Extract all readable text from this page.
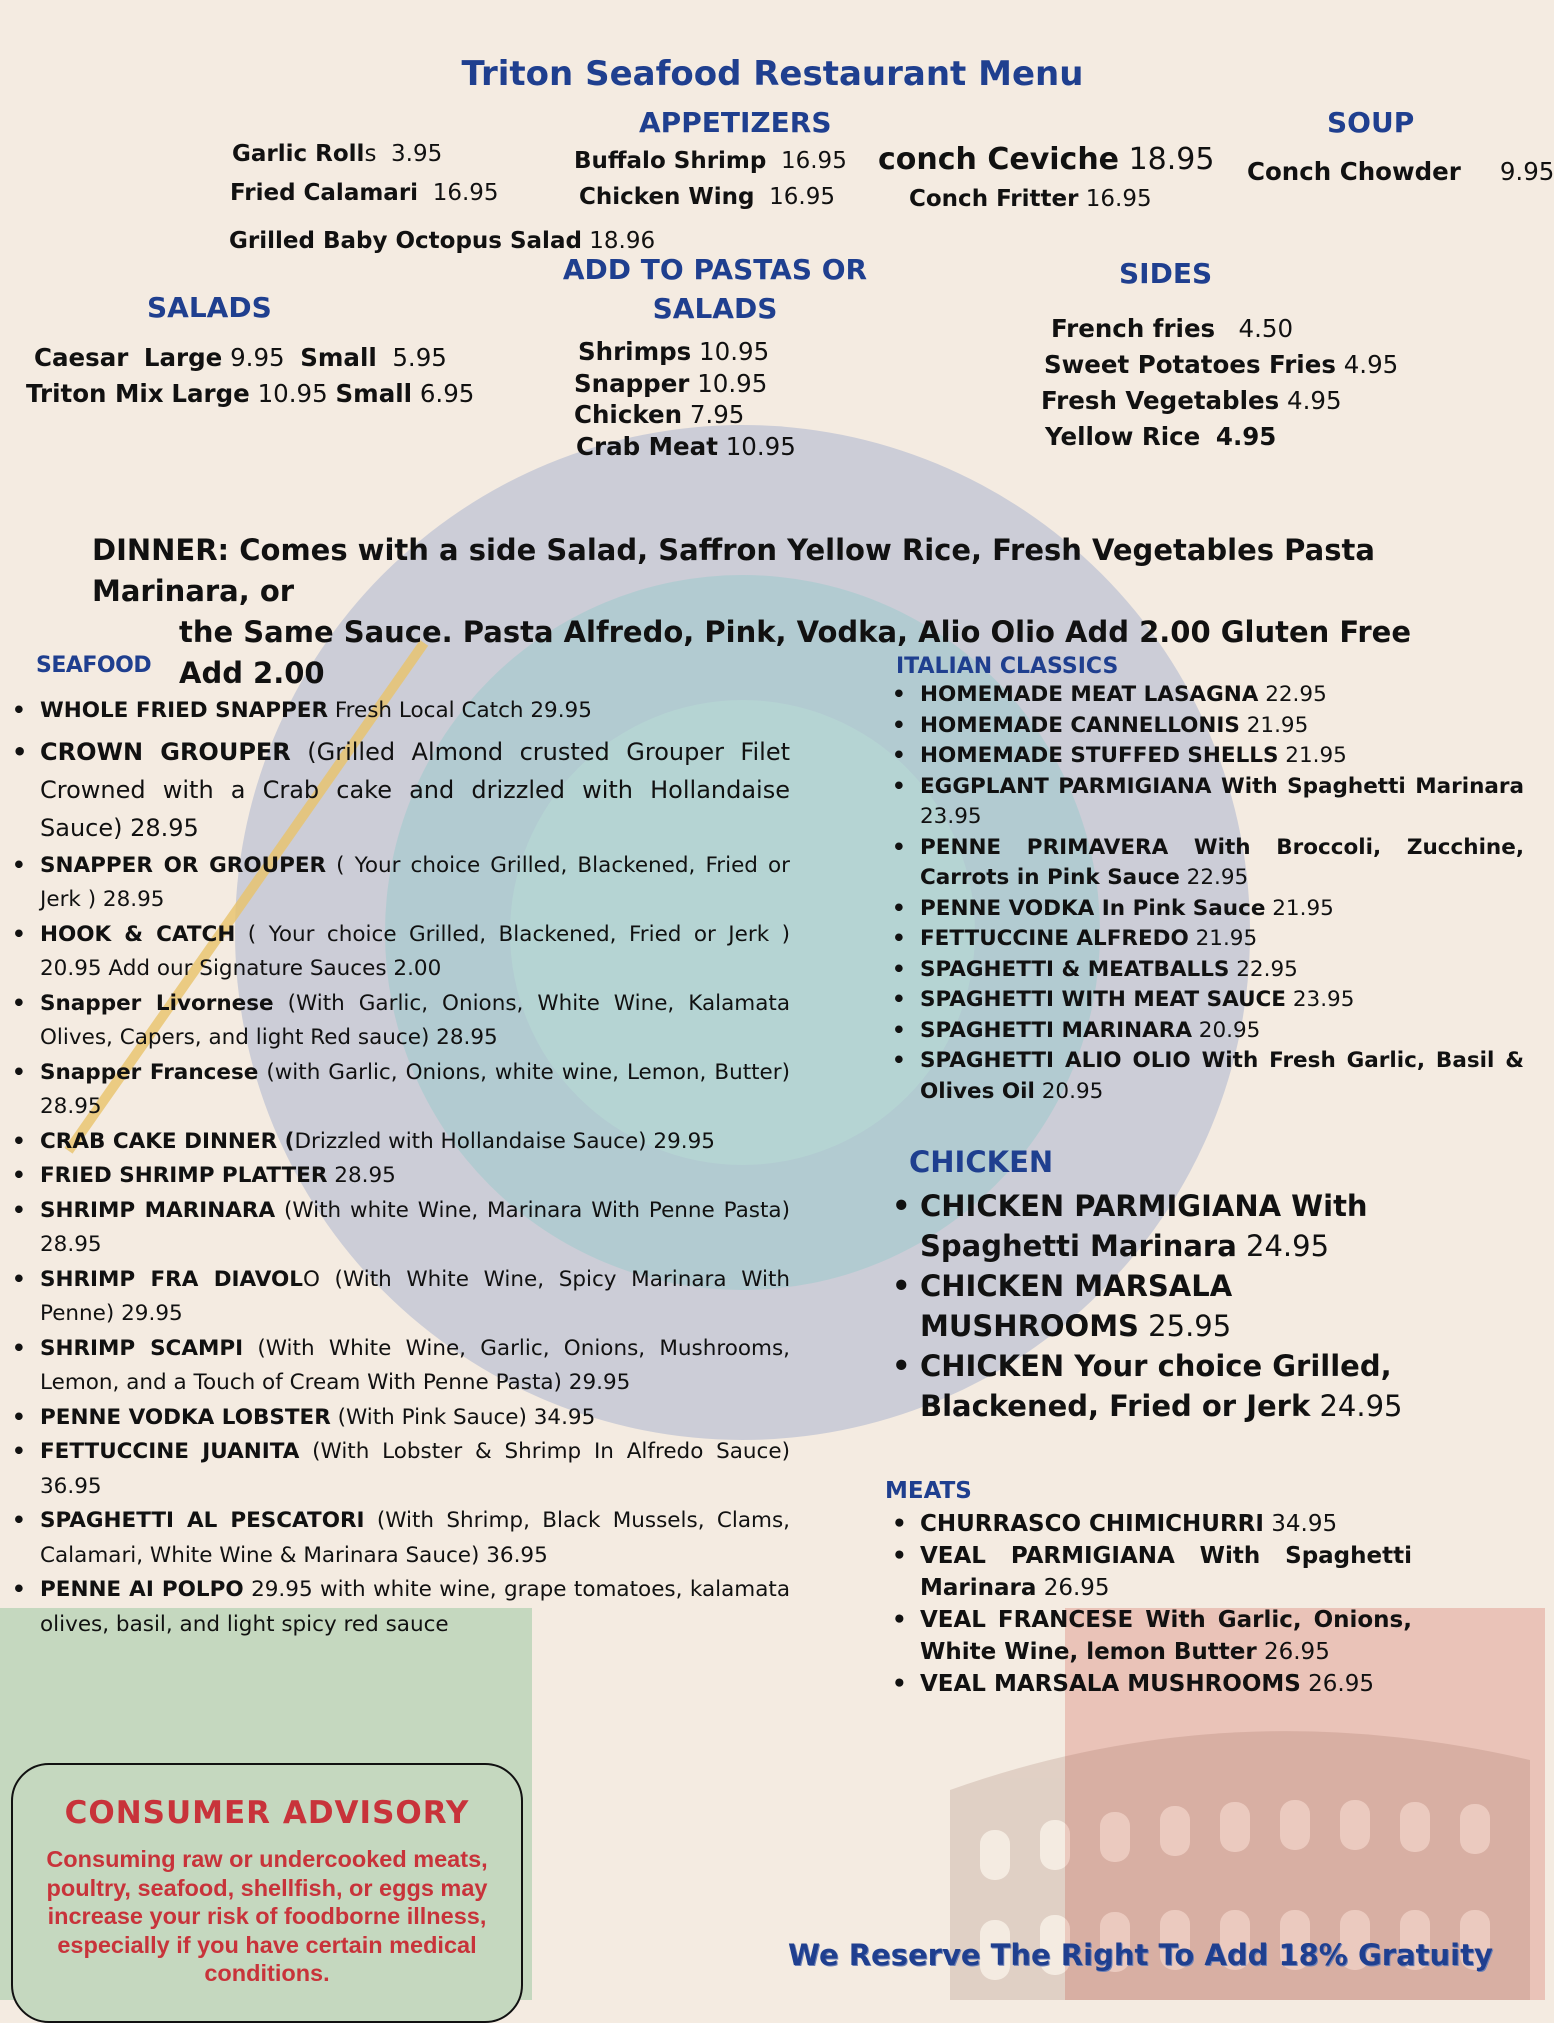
Triton Seafood Restaurant Menu
APPETIZERS
Garlic Rolls 3.95
Fried Calamari 16.95
Grilled Baby Octopus Salad 18.96
Buffalo Shrimp 16.95
Chicken Wing 16.95
conch Ceviche 18.95
Conch Fritter 16.95
SOUP
Conch Chowder 9.95
ADD TO PASTAS OR
SALADS
Shrimps 10.95
Snapper 10.95
Chicken 7.95
Crab Meat 10.95
SALADS
Caesar Large 9.95 Small 5.95
Triton Mix Large 10.95 Small 6.95
SIDES
French fries 4.50
Sweet Potatoes Fries 4.95
Fresh Vegetables 4.95
Yellow Rice 4.95
DINNER: Comes with a side Salad, Saffron Yellow Rice, Fresh Vegetables Pasta Marinara, or
the Same Sauce. Pasta Alfredo, Pink, Vodka, Alio Olio Add 2.00 Gluten Free Add 2.00
SEAFOOD
• WHOLE FRIED SNAPPER Fresh Local Catch 29.95
• CROWN GROUPER (Grilled Almond crusted Grouper Filet Crowned with a Crab cake and drizzled with Hollandaise Sauce) 28.95
• SNAPPER OR GROUPER ( Your choice Grilled, Blackened, Fried or Jerk ) 28.95
• HOOK & CATCH ( Your choice Grilled, Blackened, Fried or Jerk ) 20.95 Add our Signature Sauces 2.00
• Snapper Livornese (With Garlic, Onions, White Wine, Kalamata Olives, Capers, and light Red sauce) 28.95
• Snapper Francese (with Garlic, Onions, white wine, Lemon, Butter) 28.95
• CRAB CAKE DINNER (Drizzled with Hollandaise Sauce) 29.95
• FRIED SHRIMP PLATTER 28.95
• SHRIMP MARINARA (With white Wine, Marinara With Penne Pasta) 28.95
• SHRIMP FRA DIAVOLO (With White Wine, Spicy Marinara With Penne) 29.95
• SHRIMP SCAMPI (With White Wine, Garlic, Onions, Mushrooms, Lemon, and a Touch of Cream With Penne Pasta) 29.95
• PENNE VODKA LOBSTER (With Pink Sauce) 34.95
• FETTUCCINE JUANITA (With Lobster & Shrimp In Alfredo Sauce) 36.95
• SPAGHETTI AL PESCATORI (With Shrimp, Black Mussels, Clams, Calamari, White Wine & Marinara Sauce) 36.95
• PENNE AI POLPO 29.95 with white wine, grape tomatoes, kalamata olives, basil, and light spicy red sauce
ITALIAN CLASSICS
• HOMEMADE MEAT LASAGNA 22.95
• HOMEMADE CANNELLONIS 21.95
• HOMEMADE STUFFED SHELLS 21.95
• EGGPLANT PARMIGIANA With Spaghetti Marinara 23.95
• PENNE PRIMAVERA With Broccoli, Zucchine, Carrots in Pink Sauce 22.95
• PENNE VODKA In Pink Sauce 21.95
• FETTUCCINE ALFREDO 21.95
• SPAGHETTI & MEATBALLS 22.95
• SPAGHETTI WITH MEAT SAUCE 23.95
• SPAGHETTI MARINARA 20.95
• SPAGHETTI ALIO OLIO With Fresh Garlic, Basil & Olives Oil 20.95
CHICKEN
• CHICKEN PARMIGIANA With Spaghetti Marinara 24.95
• CHICKEN MARSALA MUSHROOMS 25.95
• CHICKEN Your choice Grilled, Blackened, Fried or Jerk 24.95
MEATS
• CHURRASCO CHIMICHURRI 34.95
• VEAL PARMIGIANA With Spaghetti Marinara 26.95
• VEAL FRANCESE With Garlic, Onions, White Wine, lemon Butter 26.95
• VEAL MARSALA MUSHROOMS 26.95
CONSUMER ADVISORY
Consuming raw or undercooked meats, poultry, seafood, shellfish, or eggs may increase your risk of foodborne illness, especially if you have certain medical conditions.
We Reserve The Right To Add 18% Gratuity
